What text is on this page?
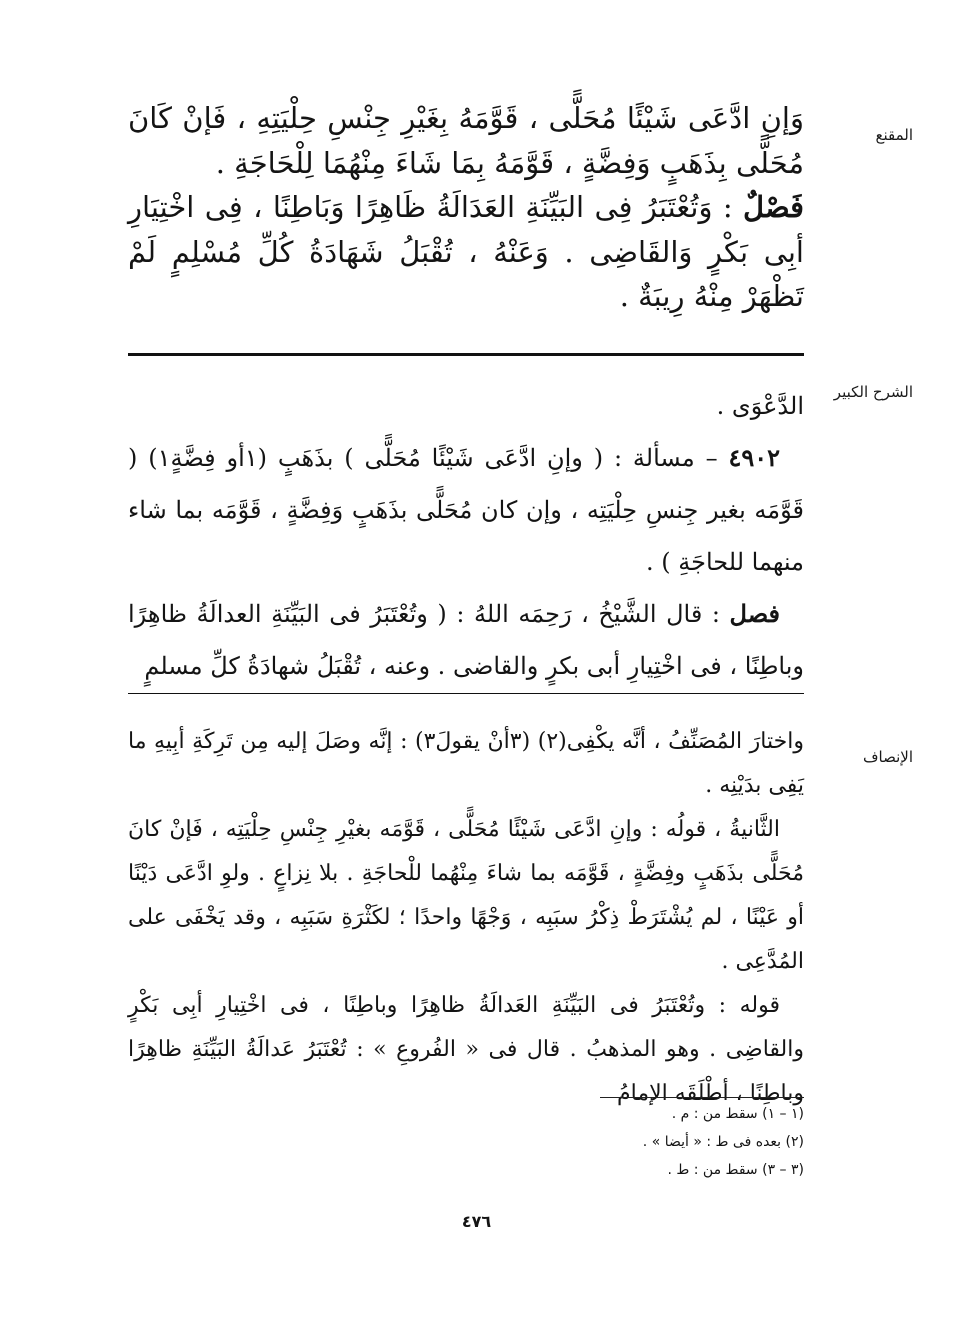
المقنع

وَإنِ ادَّعَى شَيْئًا مُحَلًّى ، قَوَّمَهُ بِغَيْرِ جِنْسِ حِلْيَتِهِ ، فَإنْ كَانَ مُحَلًّى بِذَهَبٍ وَفِضَّةٍ ، قَوَّمَهُ بِمَا شَاءَ مِنْهُمَا لِلْحَاجَةِ .

فَصْلٌ : وَتُعْتَبَرُ فِى البَيِّنَةِ العَدَالَةُ ظَاهِرًا وَبَاطِنًا ، فِى اخْتِيَارِ أبِى بَكْرٍ وَالقَاضِى . وَعَنْهُ ، تُقْبَلُ شَهَادَةُ كُلِّ مُسْلِمٍ لَمْ تَظْهَرْ مِنْهُ رِيبَةٌ .

الشرح الكبير

الدَّعْوَى .

٤٩٠٢ – مسألة : ( وإنِ ادَّعَى شَيْئًا مُحَلًّى ) بذَهَبٍ (١أو فِضَّةٍ١) ( قَوَّمَه بغير جِنسِ حِلْيَتِه ، وإن كان مُحَلًّى بذَهَبٍ وَفِضَّةٍ ، قَوَّمَه بما شاء منهما للحاجَةِ ) .

فصل : قال الشَّيْخُ ، رَحِمَه اللهُ : ( وتُعْتَبَرُ فى البَيِّنَةِ العدالَةُ ظاهِرًا وباطِنًا ، فى اخْتِيارِ أبى بكرٍ والقاضى . وعنه ، تُقْبَلُ شهادَةُ كلِّ مسلمٍ

الإنصاف

واختارَ المُصَنِّفُ ، أنَّه يكْفِى(٢) (٣أنْ يقولَ٣) : إنَّه وصَلَ إليه مِن تَرِكَةِ أبِيهِ ما يَفِى بدَيْنِه .

الثَّانيةُ ، قولُه : وإنِ ادَّعَى شَيْئًا مُحَلًّى ، قَوَّمَه بغيْرِ جِنْسِ حِلْيَتِه ، فَإنْ كانَ مُحَلًّى بذَهَبٍ وفِضَّةٍ ، قَوَّمَه بما شاءَ مِنْهُما للْحاجَةِ . بلا نِزاعٍ . ولوِ ادَّعَى دَيْنًا أو عَيْنًا ، لم يُشْتَرَطْ ذِكْرُ سبَبِه ، وَجْهًا واحدًا ؛ لكَثْرَةِ سَبَبِه ، وقد يَخْفَى على المُدَّعِى .

قوله : وتُعْتَبَرُ فى البَيِّنَةِ العَدالَةُ ظاهِرًا وباطِنًا ، فى اخْتِيارِ أبِى بَكْرٍ والقاضِى . وهو المذهبُ . قال فى « الفُروعِ » : تُعْتَبَرُ عَدالَةُ البَيِّنَةِ ظاهِرًا وباطِنًا ، أطْلَقَه الإمامُ

(١ – ١) سقط من : م .
(٢) بعده فى ط : « أيضا » .
(٣ – ٣) سقط من : ط .
٤٧٦
